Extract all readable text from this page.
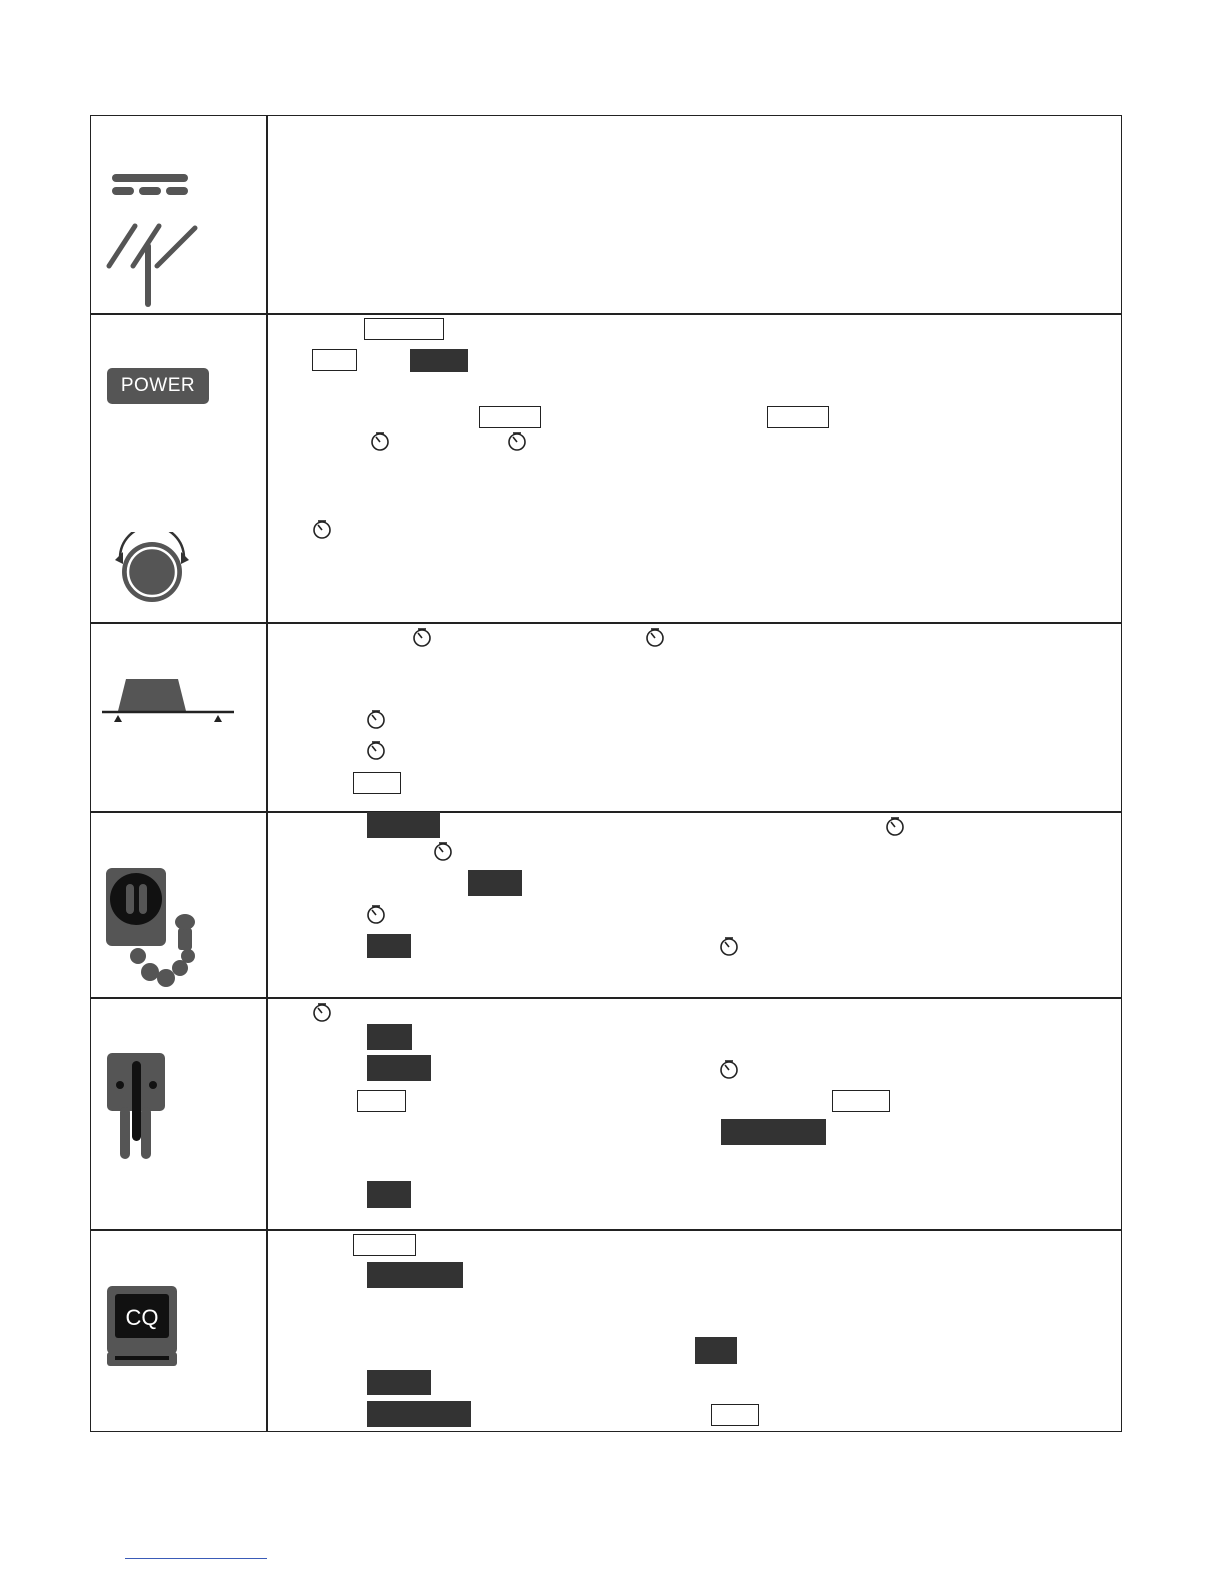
POWER
CQ
